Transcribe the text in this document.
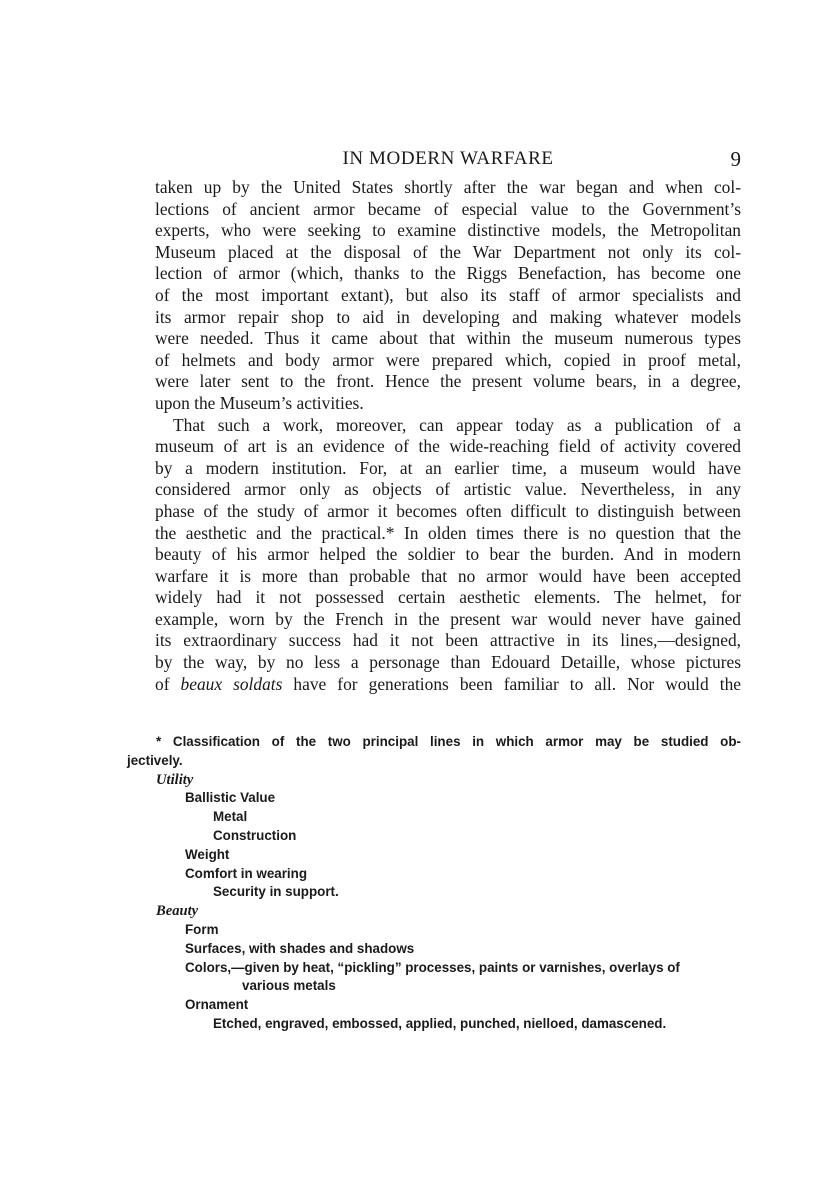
IN MODERN WARFARE	9
taken up by the United States shortly after the war began and when col-
lections of ancient armor became of especial value to the Government’s
experts, who were seeking to examine distinctive models, the Metropolitan
Museum placed at the disposal of the War Department not only its col-
lection of armor (which, thanks to the Riggs Benefaction, has become one
of the most important extant), but also its staff of armor specialists and
its armor repair shop to aid in developing and making whatever models
were needed. Thus it came about that within the museum numerous types
of helmets and body armor were prepared which, copied in proof metal,
were later sent to the front. Hence the present volume bears, in a degree,
upon the Museum’s activities.
That such a work, moreover, can appear today as a publication of a
museum of art is an evidence of the wide-reaching field of activity covered
by a modern institution. For, at an earlier time, a museum would have
considered armor only as objects of artistic value. Nevertheless, in any
phase of the study of armor it becomes often difficult to distinguish between
the aesthetic and the practical.* In olden times there is no question that the
beauty of his armor helped the soldier to bear the burden. And in modern
warfare it is more than probable that no armor would have been accepted
widely had it not possessed certain aesthetic elements. The helmet, for
example, worn by the French in the present war would never have gained
its extraordinary success had it not been attractive in its lines,—designed,
by the way, by no less a personage than Edouard Detaille, whose pictures
of beaux soldats have for generations been familiar to all. Nor would the
* Classification of the two principal lines in which armor may be studied ob-
jectively.
Utility
Ballistic Value
Metal
Construction
Weight
Comfort in wearing
Security in support.
Beauty
Form
Surfaces, with shades and shadows
Colors,—given by heat, “pickling” processes, paints or varnishes, overlays of
various metals
Ornament
Etched, engraved, embossed, applied, punched, nielloed, damascened.
